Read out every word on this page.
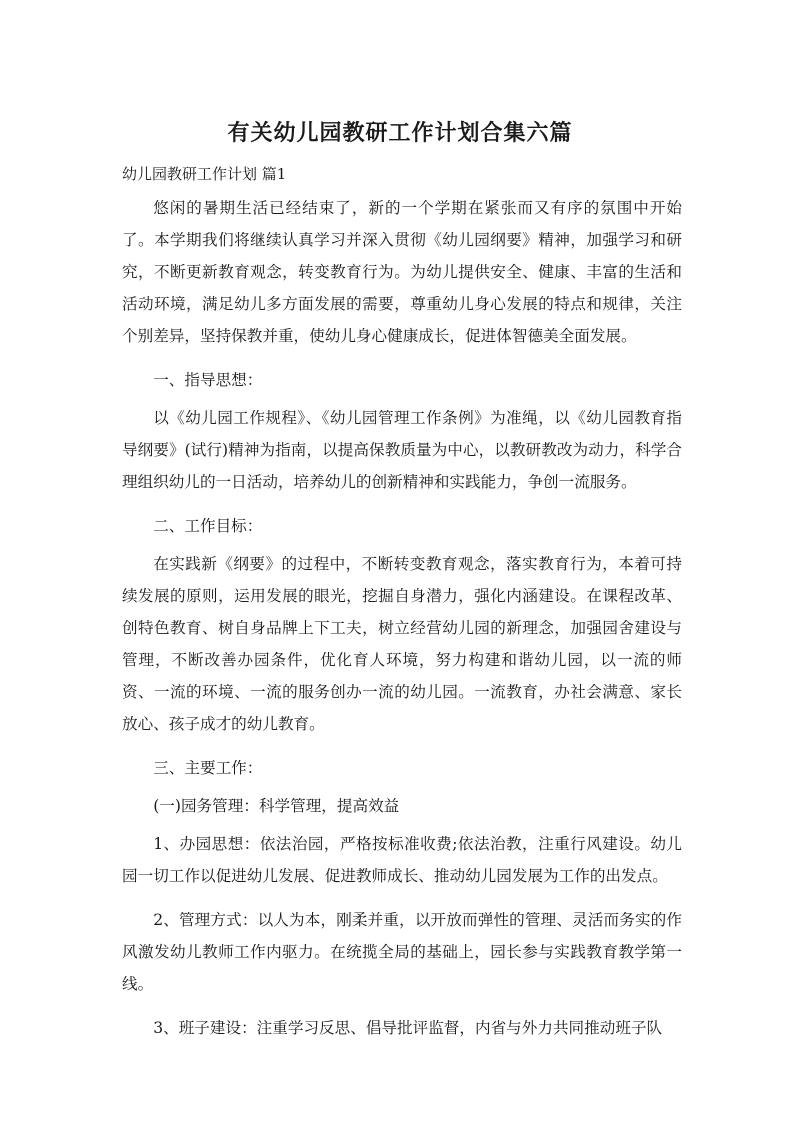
有关幼儿园教研工作计划合集六篇
幼儿园教研工作计划 篇1

悠闲的暑期生活已经结束了，新的一个学期在紧张而又有序的氛围中开始了。本学期我们将继续认真学习并深入贯彻《幼儿园纲要》精神，加强学习和研究，不断更新教育观念，转变教育行为。为幼儿提供安全、健康、丰富的生活和活动环境，满足幼儿多方面发展的需要，尊重幼儿身心发展的特点和规律，关注个别差异，坚持保教并重，使幼儿身心健康成长，促进体智德美全面发展。

一、指导思想：

以《幼儿园工作规程》、《幼儿园管理工作条例》为准绳，以《幼儿园教育指导纲要》(试行)精神为指南，以提高保教质量为中心，以教研教改为动力，科学合理组织幼儿的一日活动，培养幼儿的创新精神和实践能力，争创一流服务。

二、工作目标：

在实践新《纲要》的过程中，不断转变教育观念，落实教育行为，本着可持续发展的原则，运用发展的眼光，挖掘自身潜力，强化内涵建设。在课程改革、创特色教育、树自身品牌上下工夫，树立经营幼儿园的新理念，加强园舍建设与管理，不断改善办园条件，优化育人环境，努力构建和谐幼儿园，以一流的师资、一流的环境、一流的服务创办一流的幼儿园。一流教育，办社会满意、家长放心、孩子成才的幼儿教育。

三、主要工作：

(一)园务管理：科学管理，提高效益

1、办园思想：依法治园，严格按标准收费;依法治教，注重行风建设。幼儿园一切工作以促进幼儿发展、促进教师成长、推动幼儿园发展为工作的出发点。

2、管理方式：以人为本，刚柔并重，以开放而弹性的管理、灵活而务实的作风激发幼儿教师工作内驱力。在统揽全局的基础上，园长参与实践教育教学第一线。

3、班子建设：注重学习反思、倡导批评监督，内省与外力共同推动班子队
